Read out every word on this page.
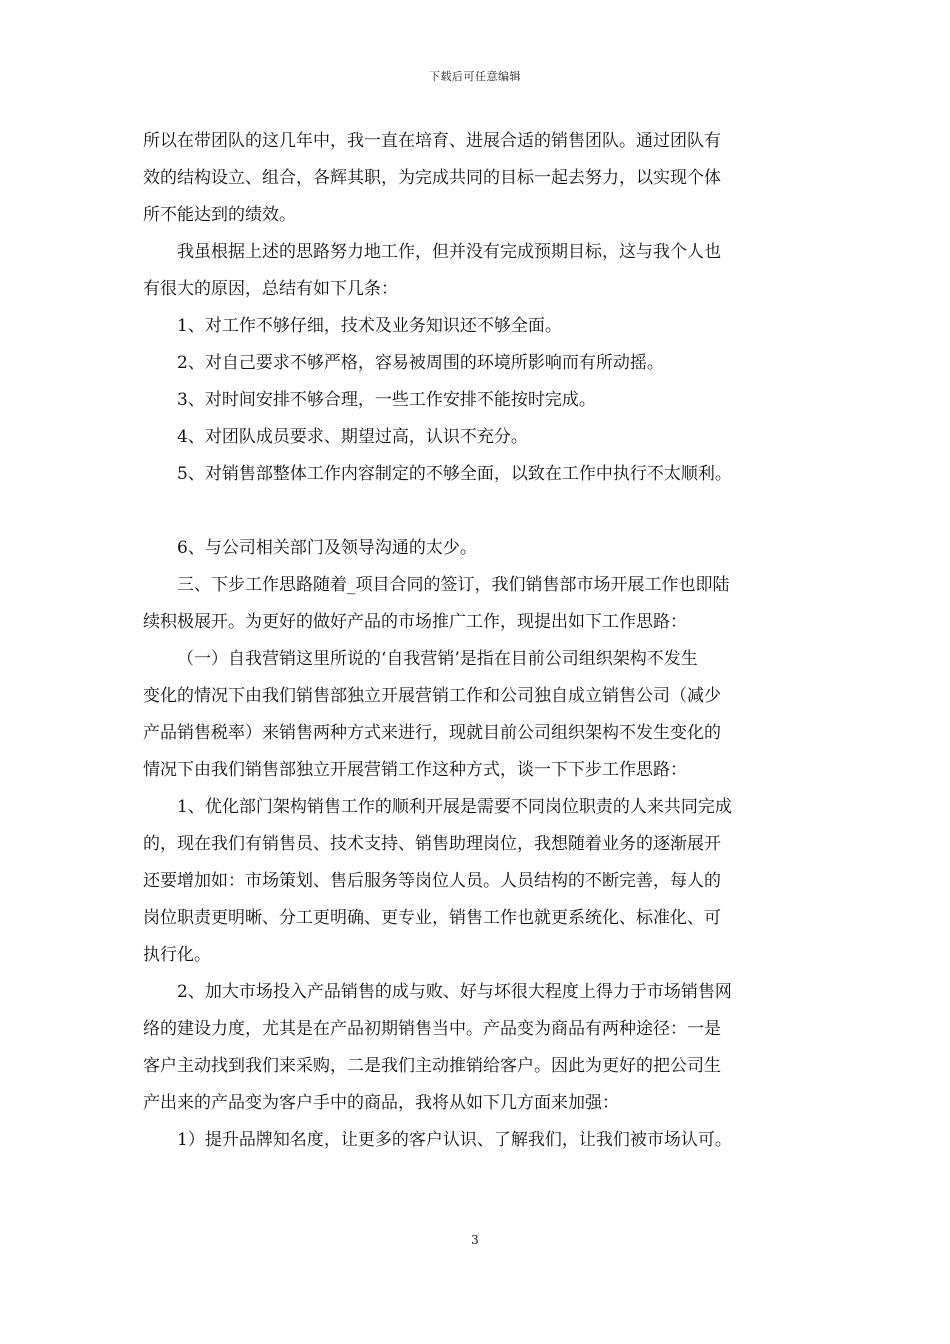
下载后可任意编辑
所以在带团队的这几年中，我一直在培育、进展合适的销售团队。通过团队有
效的结构设立、组合，各辉其职，为完成共同的目标一起去努力，以实现个体
所不能达到的绩效。
我虽根据上述的思路努力地工作，但并没有完成预期目标，这与我个人也
有很大的原因，总结有如下几条：
1、对工作不够仔细，技术及业务知识还不够全面。
2、对自己要求不够严格，容易被周围的环境所影响而有所动摇。
3、对时间安排不够合理，一些工作安排不能按时完成。
4、对团队成员要求、期望过高，认识不充分。
5、对销售部整体工作内容制定的不够全面，以致在工作中执行不太顺利。
6、与公司相关部门及领导沟通的太少。
三、下步工作思路随着_项目合同的签订，我们销售部市场开展工作也即陆
续积极展开。为更好的做好产品的市场推广工作，现提出如下工作思路：
（一）自我营销这里所说的‘自我营销’是指在目前公司组织架构不发生
变化的情况下由我们销售部独立开展营销工作和公司独自成立销售公司（减少
产品销售税率）来销售两种方式来进行，现就目前公司组织架构不发生变化的
情况下由我们销售部独立开展营销工作这种方式，谈一下下步工作思路：
1、优化部门架构销售工作的顺利开展是需要不同岗位职责的人来共同完成
的，现在我们有销售员、技术支持、销售助理岗位，我想随着业务的逐渐展开
还要增加如：市场策划、售后服务等岗位人员。人员结构的不断完善，每人的
岗位职责更明晰、分工更明确、更专业，销售工作也就更系统化、标准化、可
执行化。
2、加大市场投入产品销售的成与败、好与坏很大程度上得力于市场销售网
络的建设力度，尤其是在产品初期销售当中。产品变为商品有两种途径：一是
客户主动找到我们来采购，二是我们主动推销给客户。因此为更好的把公司生
产出来的产品变为客户手中的商品，我将从如下几方面来加强：
1）提升品牌知名度，让更多的客户认识、了解我们，让我们被市场认可。
3
